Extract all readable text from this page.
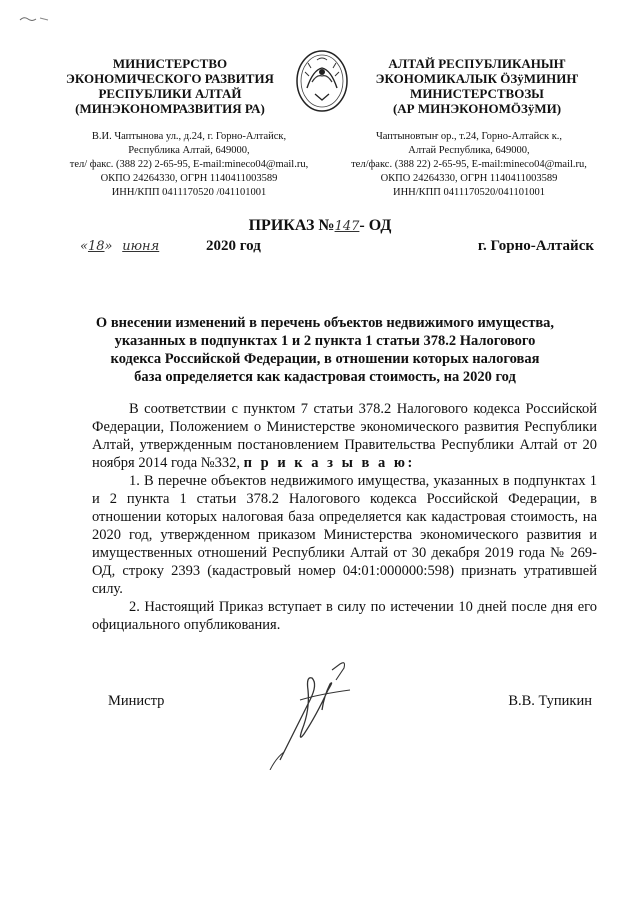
МИНИСТЕРСТВО
ЭКОНОМИЧЕСКОГО РАЗВИТИЯ
РЕСПУБЛИКИ АЛТАЙ
(МИНЭКОНОМРАЗВИТИЯ РА)
АЛТАЙ РЕСПУБЛИКАНЫҤ
ЭКОНОМИКАЛЫК ÖЗÿМИНИҤ
МИНИСТЕРСТВОЗЫ
(АР МИНЭКОНОМÖЗÿМИ)
В.И. Чаптынова ул., д.24, г. Горно-Алтайск,
Республика Алтай, 649000,
тел/ факс. (388 22) 2-65-95, E-mail:mineco04@mail.ru,
ОКПО 24264330, ОГРН 1140411003589
ИНН/КПП 0411170520 /041101001
Чаптыновтыҥ ор., т.24, Горно-Алтайск к.,
Алтай Республика, 649000,
тел/факс. (388 22) 2-65-95, E-mail:mineco04@mail.ru,
ОКПО 24264330, ОГРН 1140411003589
ИНН/КПП 0411170520/041101001
ПРИКАЗ №147- ОД
«18» июня	2020 год	г. Горно-Алтайск
О внесении изменений в перечень объектов недвижимого имущества, указанных в подпунктах 1 и 2 пункта 1 статьи 378.2 Налогового кодекса Российской Федерации, в отношении которых налоговая база определяется как кадастровая стоимость, на 2020 год

В соответствии с пунктом 7 статьи 378.2 Налогового кодекса Российской Федерации, Положением о Министерстве экономического развития Республики Алтай, утвержденным постановлением Правительства Республики Алтай от 20 ноября 2014 года №332, п р и к а з ы в а ю:

1. В перечне объектов недвижимого имущества, указанных в подпунктах 1 и 2 пункта 1 статьи 378.2 Налогового кодекса Российской Федерации, в отношении которых налоговая база определяется как кадастровая стоимость, на 2020 год, утвержденном приказом Министерства экономического развития и имущественных отношений Республики Алтай от 30 декабря 2019 года № 269-ОД, строку 2393 (кадастровый номер 04:01:000000:598) признать утратившей силу.

2. Настоящий Приказ вступает в силу по истечении 10 дней после дня его официального опубликования.

Министр	В.В. Тупикин
